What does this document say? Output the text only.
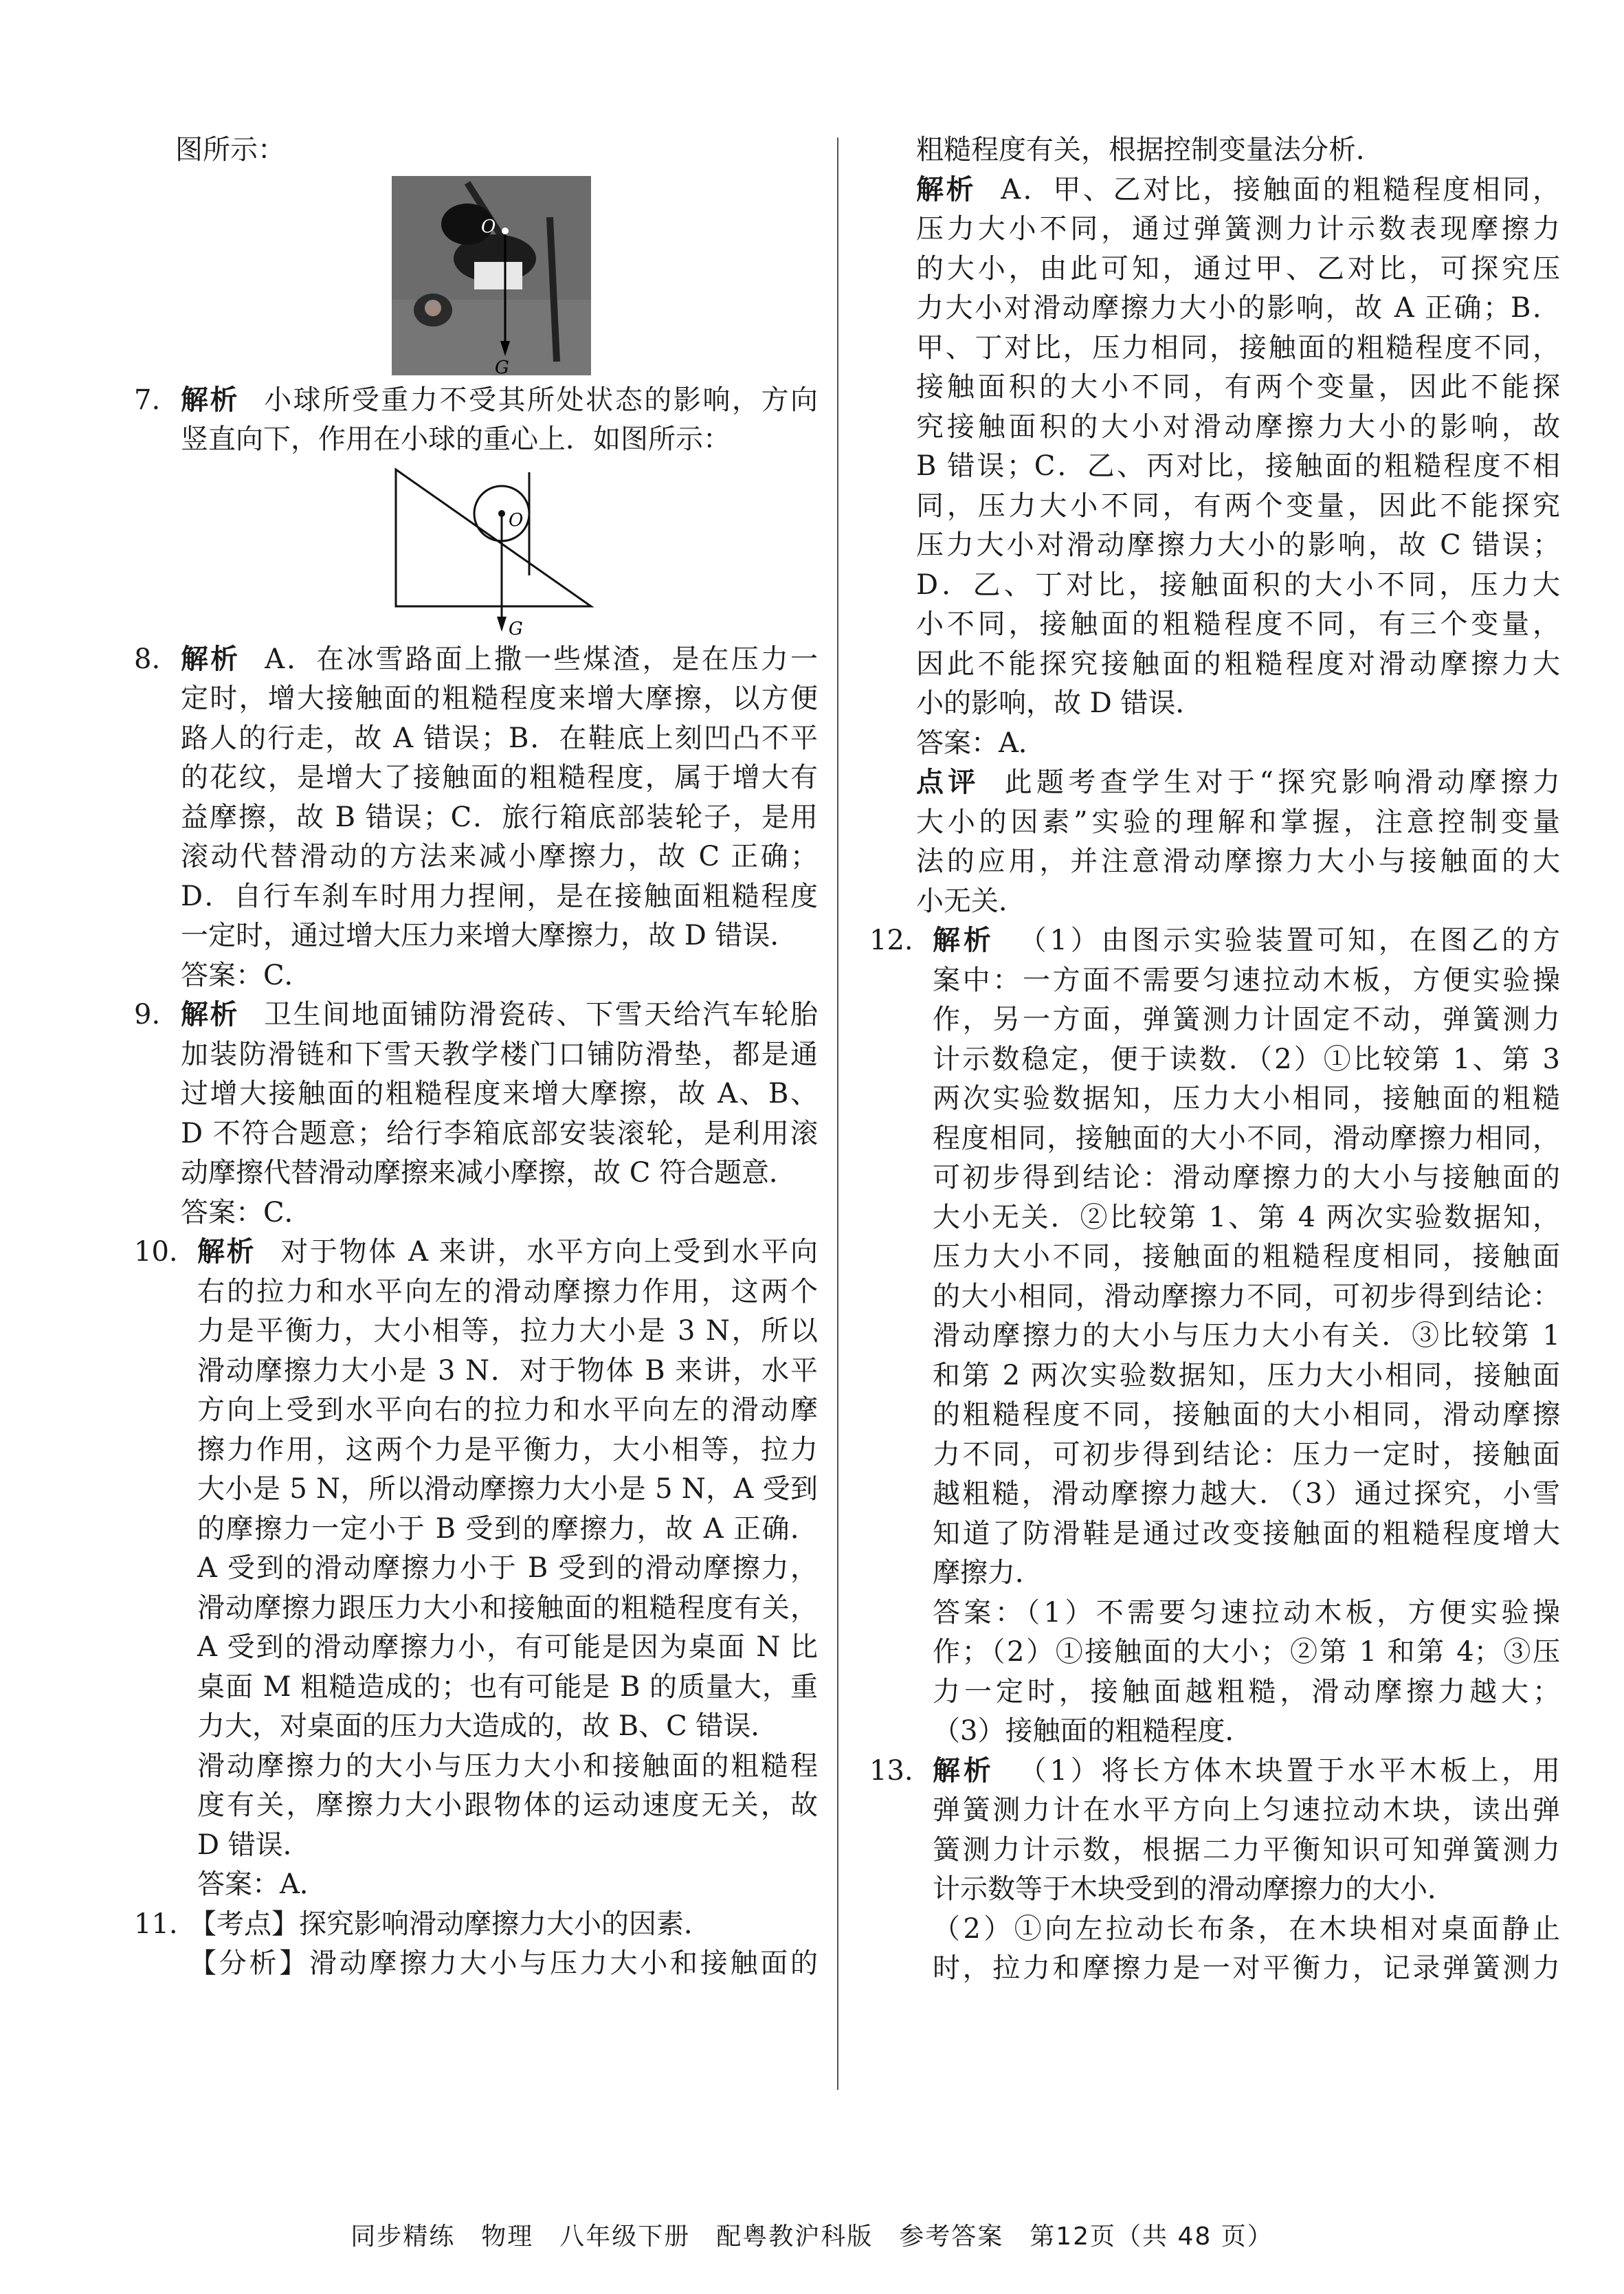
图所示：

O
G
7. 解析 小球所受重力不受其所处状态的影响，方向

竖直向下，作用在小球的重心上．如图所示：

O
G
8. 解析 A．在冰雪路面上撒一些煤渣，是在压力一

定时，增大接触面的粗糙程度来增大摩擦，以方便

路人的行走，故 A 错误；B．在鞋底上刻凹凸不平

的花纹，是增大了接触面的粗糙程度，属于增大有

益摩擦，故 B 错误；C．旅行箱底部装轮子，是用

滚动代替滑动的方法来减小摩擦力，故 C 正确；

D．自行车刹车时用力捏闸，是在接触面粗糙程度

一定时，通过增大压力来增大摩擦力，故 D 错误．

答案：C．

9. 解析 卫生间地面铺防滑瓷砖、下雪天给汽车轮胎

加装防滑链和下雪天教学楼门口铺防滑垫，都是通

过增大接触面的粗糙程度来增大摩擦，故 A、B、

D 不符合题意；给行李箱底部安装滚轮，是利用滚

动摩擦代替滑动摩擦来减小摩擦，故 C 符合题意．

答案：C．

10. 解析 对于物体 A 来讲，水平方向上受到水平向

右的拉力和水平向左的滑动摩擦力作用，这两个

力是平衡力，大小相等，拉力大小是 3 N，所以

滑动摩擦力大小是 3 N．对于物体 B 来讲，水平

方向上受到水平向右的拉力和水平向左的滑动摩

擦力作用，这两个力是平衡力，大小相等，拉力

大小是 5 N，所以滑动摩擦力大小是 5 N，A 受到

的摩擦力一定小于 B 受到的摩擦力，故 A 正确．

A 受到的滑动摩擦力小于 B 受到的滑动摩擦力，

滑动摩擦力跟压力大小和接触面的粗糙程度有关，

A 受到的滑动摩擦力小，有可能是因为桌面 N 比

桌面 M 粗糙造成的；也有可能是 B 的质量大，重

力大，对桌面的压力大造成的，故 B、C 错误．

滑动摩擦力的大小与压力大小和接触面的粗糙程

度有关，摩擦力大小跟物体的运动速度无关，故

D 错误．

答案：A．

11. 【考点】探究影响滑动摩擦力大小的因素．

【分析】滑动摩擦力大小与压力大小和接触面的

粗糙程度有关，根据控制变量法分析．

解析 A．甲、乙对比，接触面的粗糙程度相同，

压力大小不同，通过弹簧测力计示数表现摩擦力

的大小，由此可知，通过甲、乙对比，可探究压

力大小对滑动摩擦力大小的影响，故 A 正确；B．

甲、丁对比，压力相同，接触面的粗糙程度不同，

接触面积的大小不同，有两个变量，因此不能探

究接触面积的大小对滑动摩擦力大小的影响，故

B 错误；C．乙、丙对比，接触面的粗糙程度不相

同，压力大小不同，有两个变量，因此不能探究

压力大小对滑动摩擦力大小的影响，故 C 错误；

D．乙、丁对比，接触面积的大小不同，压力大

小不同，接触面的粗糙程度不同，有三个变量，

因此不能探究接触面的粗糙程度对滑动摩擦力大

小的影响，故 D 错误．

答案：A．

点评 此题考查学生对于“探究影响滑动摩擦力

大小的因素”实验的理解和掌握，注意控制变量

法的应用，并注意滑动摩擦力大小与接触面的大

小无关．

12. 解析 （1）由图示实验装置可知，在图乙的方

案中：一方面不需要匀速拉动木板，方便实验操

作，另一方面，弹簧测力计固定不动，弹簧测力

计示数稳定，便于读数．（2）①比较第 1、第 3

两次实验数据知，压力大小相同，接触面的粗糙

程度相同，接触面的大小不同，滑动摩擦力相同，

可初步得到结论：滑动摩擦力的大小与接触面的

大小无关．②比较第 1、第 4 两次实验数据知，

压力大小不同，接触面的粗糙程度相同，接触面

的大小相同，滑动摩擦力不同，可初步得到结论：

滑动摩擦力的大小与压力大小有关．③比较第 1

和第 2 两次实验数据知，压力大小相同，接触面

的粗糙程度不同，接触面的大小相同，滑动摩擦

力不同，可初步得到结论：压力一定时，接触面

越粗糙，滑动摩擦力越大．（3）通过探究，小雪

知道了防滑鞋是通过改变接触面的粗糙程度增大

摩擦力．

答案：（1）不需要匀速拉动木板，方便实验操

作；（2）①接触面的大小；②第 1 和第 4；③压

力一定时，接触面越粗糙，滑动摩擦力越大；

（3）接触面的粗糙程度．

13. 解析 （1）将长方体木块置于水平木板上，用

弹簧测力计在水平方向上匀速拉动木块，读出弹

簧测力计示数，根据二力平衡知识可知弹簧测力

计示数等于木块受到的滑动摩擦力的大小．

（2）①向左拉动长布条，在木块相对桌面静止

时，拉力和摩擦力是一对平衡力，记录弹簧测力

同步精练　物理　八年级下册　配粤教沪科版　参考答案　第12页（共 48 页）
